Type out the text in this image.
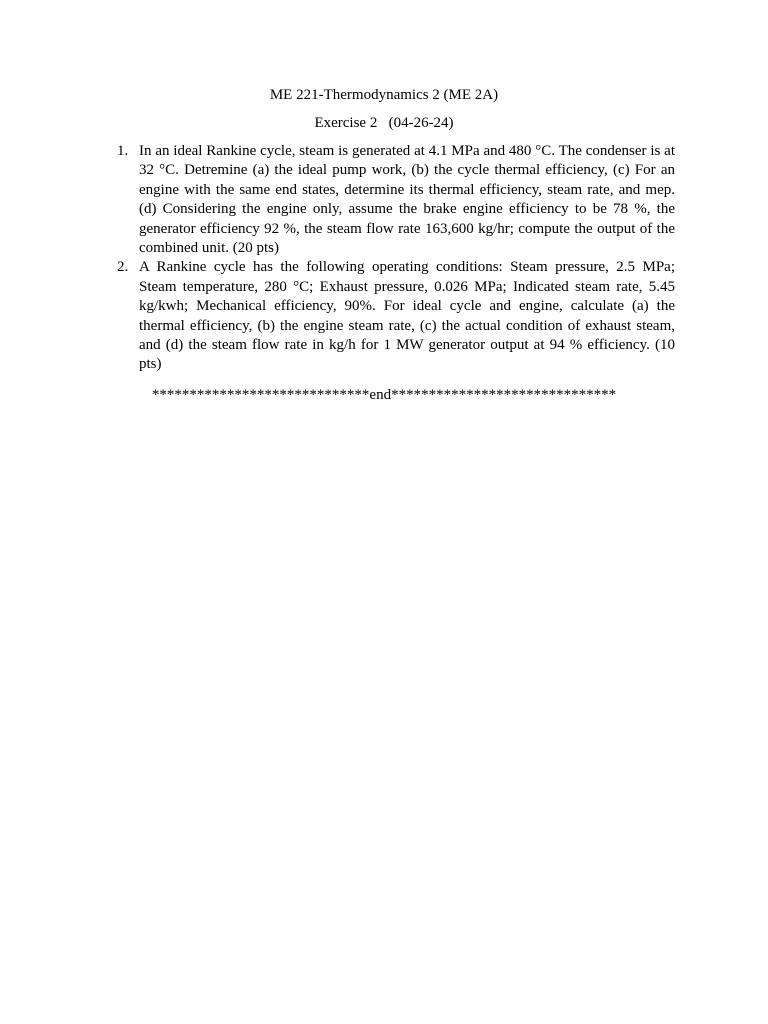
ME 221-Thermodynamics 2 (ME 2A)
Exercise 2   (04-26-24)
1. In an ideal Rankine cycle, steam is generated at 4.1 MPa and 480 °C. The condenser is at 32 °C. Detremine (a) the ideal pump work, (b) the cycle thermal efficiency, (c) For an engine with the same end states, determine its thermal efficiency, steam rate, and mep. (d) Considering the engine only, assume the brake engine efficiency to be 78 %, the generator efficiency 92 %, the steam flow rate 163,600 kg/hr; compute the output of the combined unit. (20 pts)
2. A Rankine cycle has the following operating conditions: Steam pressure, 2.5 MPa; Steam temperature, 280 °C; Exhaust pressure, 0.026 MPa; Indicated steam rate, 5.45 kg/kwh; Mechanical efficiency, 90%. For ideal cycle and engine, calculate (a) the thermal efficiency, (b) the engine steam rate, (c) the actual condition of exhaust steam, and (d) the steam flow rate in kg/h for 1 MW generator output at 94 % efficiency. (10 pts)
*****************************end******************************
